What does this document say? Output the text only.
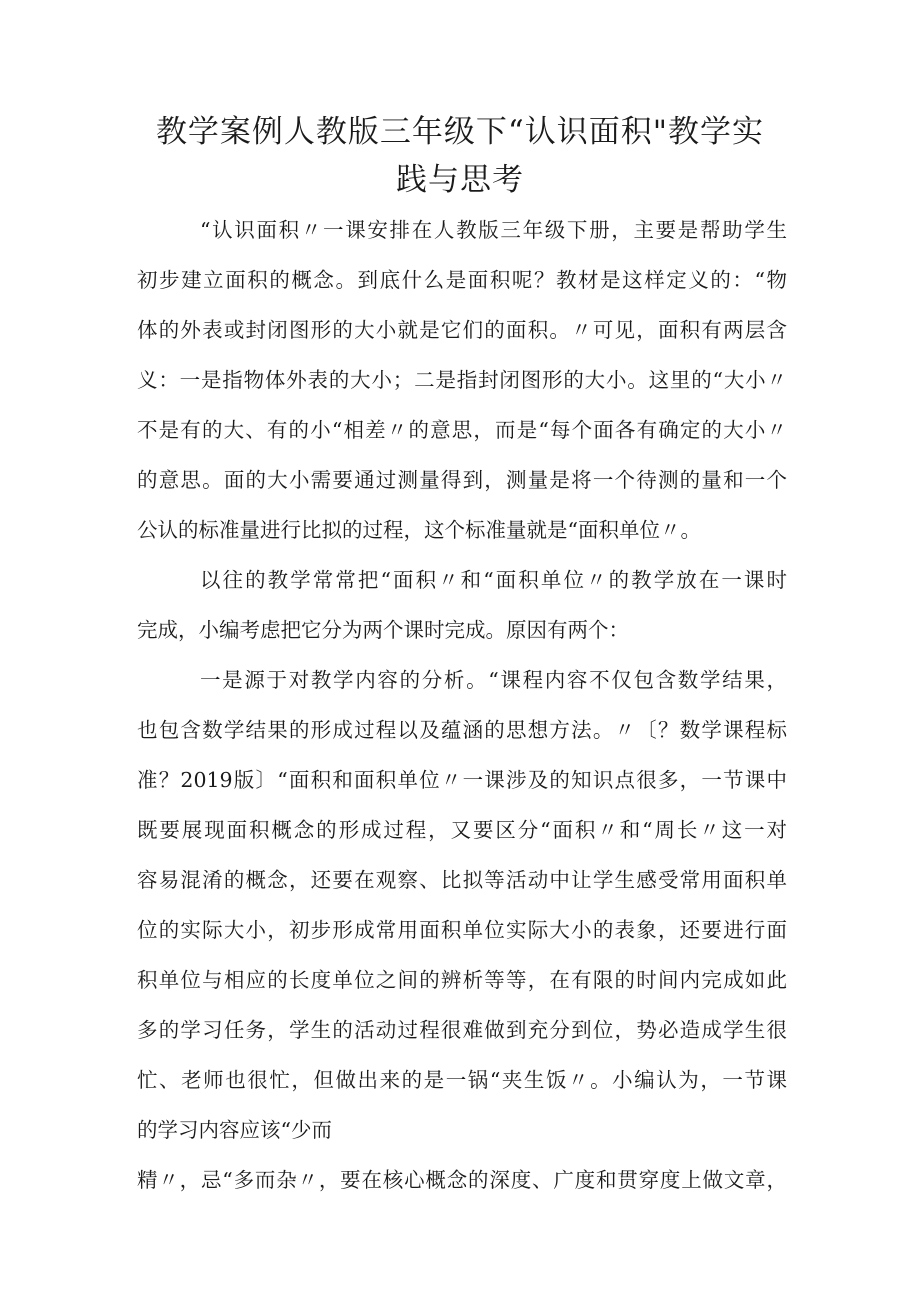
教学案例人教版三年级下“认识面积"教学实
践与思考
“认识面积〃一课安排在人教版三年级下册，主要是帮助学生
初步建立面积的概念。到底什么是面积呢？教材是这样定义的：“物
体的外表或封闭图形的大小就是它们的面积。〃可见，面积有两层含
义：一是指物体外表的大小；二是指封闭图形的大小。这里的“大小〃
不是有的大、有的小“相差〃的意思，而是“每个面各有确定的大小〃
的意思。面的大小需要通过测量得到，测量是将一个待测的量和一个
公认的标准量进行比拟的过程，这个标准量就是“面积单位〃。
以往的教学常常把“面积〃和“面积单位〃的教学放在一课时
完成，小编考虑把它分为两个课时完成。原因有两个：
一是源于对教学内容的分析。“课程内容不仅包含数学结果，
也包含数学结果的形成过程以及蕴涵的思想方法。〃〔？数学课程标
准？2019版〕“面积和面积单位〃一课涉及的知识点很多，一节课中
既要展现面积概念的形成过程，又要区分“面积〃和“周长〃这一对
容易混淆的概念，还要在观察、比拟等活动中让学生感受常用面积单
位的实际大小，初步形成常用面积单位实际大小的表象，还要进行面
积单位与相应的长度单位之间的辨析等等，在有限的时间内完成如此
多的学习任务，学生的活动过程很难做到充分到位，势必造成学生很
忙、老师也很忙，但做出来的是一锅“夹生饭〃。小编认为，一节课
的学习内容应该“少而
精〃，忌“多而杂〃，要在核心概念的深度、广度和贯穿度上做文章，
